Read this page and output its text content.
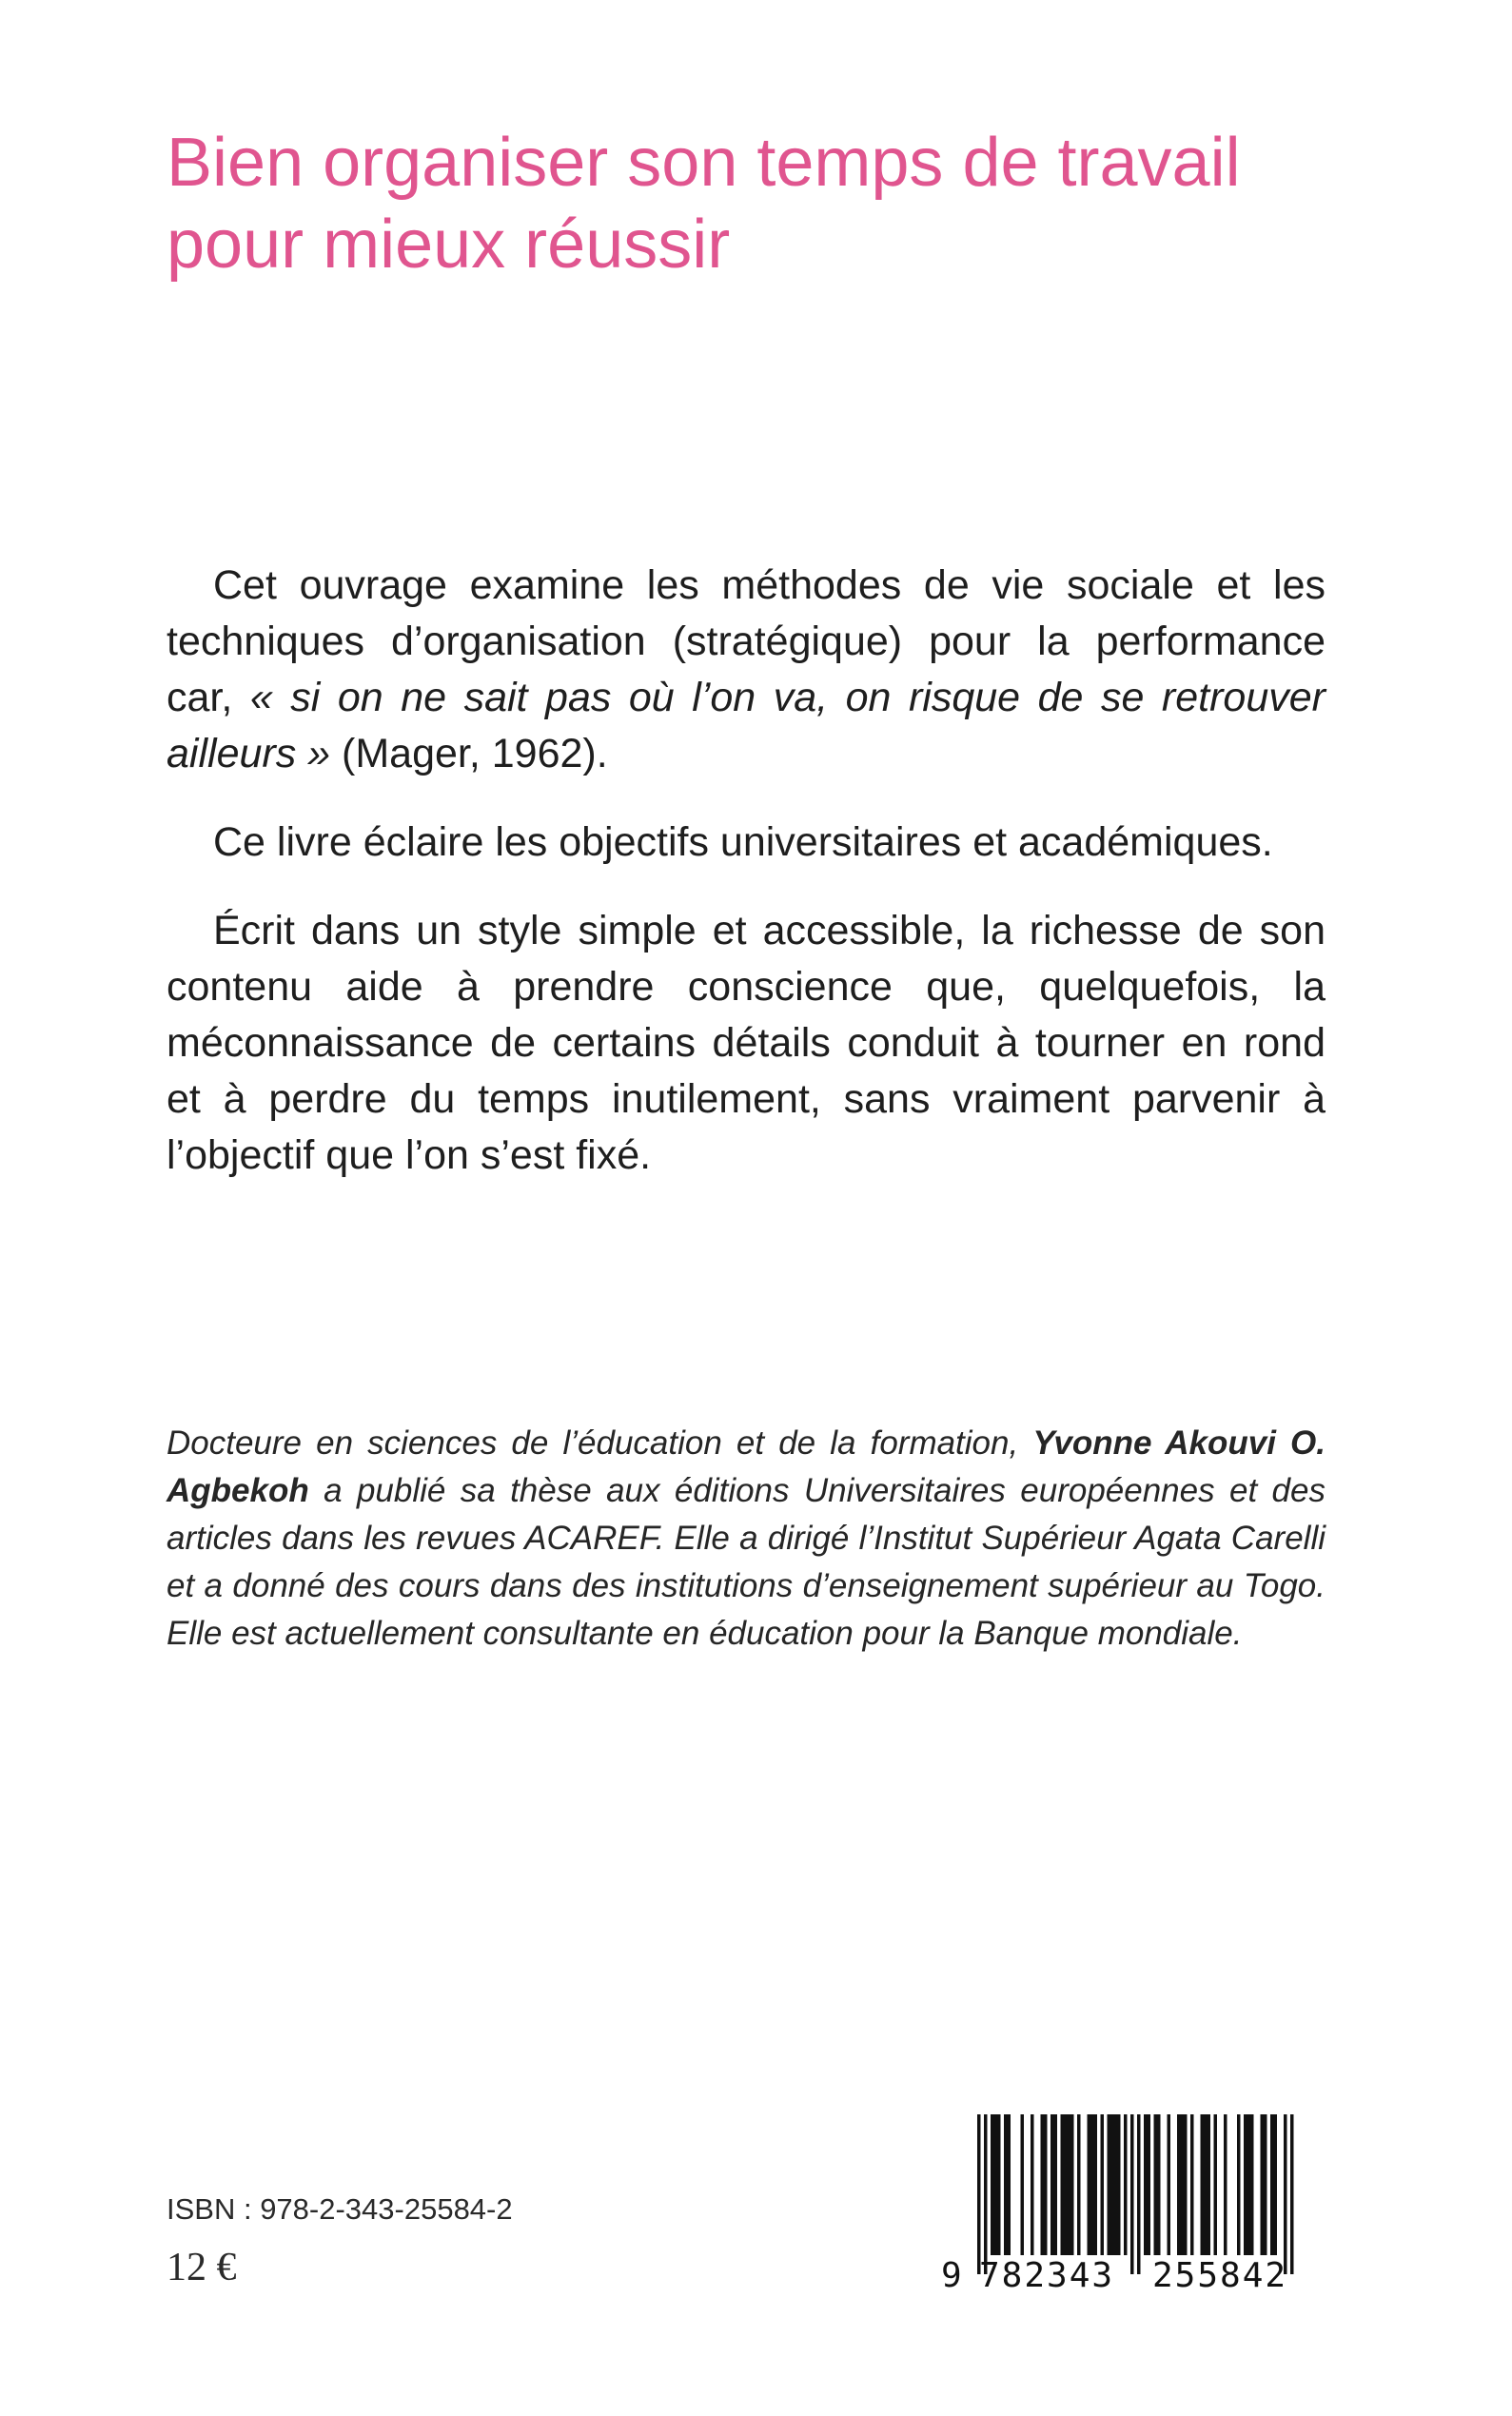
Bien organiser son temps de travail
pour mieux réussir

Cet ouvrage examine les méthodes de vie sociale et les techniques d’organisation (stratégique) pour la performance car, « si on ne sait pas où l’on va, on risque de se retrouver ailleurs » (Mager, 1962).

Ce livre éclaire les objectifs universitaires et académiques.

Écrit dans un style simple et accessible, la richesse de son contenu aide à prendre conscience que, quelquefois, la méconnaissance de certains détails conduit à tourner en rond et à perdre du temps inutilement, sans vraiment parvenir à l’objectif que l’on s’est fixé.

Docteure en sciences de l’éducation et de la formation, Yvonne Akouvi O. Agbekoh a publié sa thèse aux éditions Universitaires européennes et des articles dans les revues ACAREF. Elle a dirigé l’Institut Supérieur Agata Carelli et a donné des cours dans des institutions d’enseignement supérieur au Togo. Elle est actuellement consultante en éducation pour la Banque mondiale.

ISBN : 978-2-343-25584-2
12 €	9 782343 255842
